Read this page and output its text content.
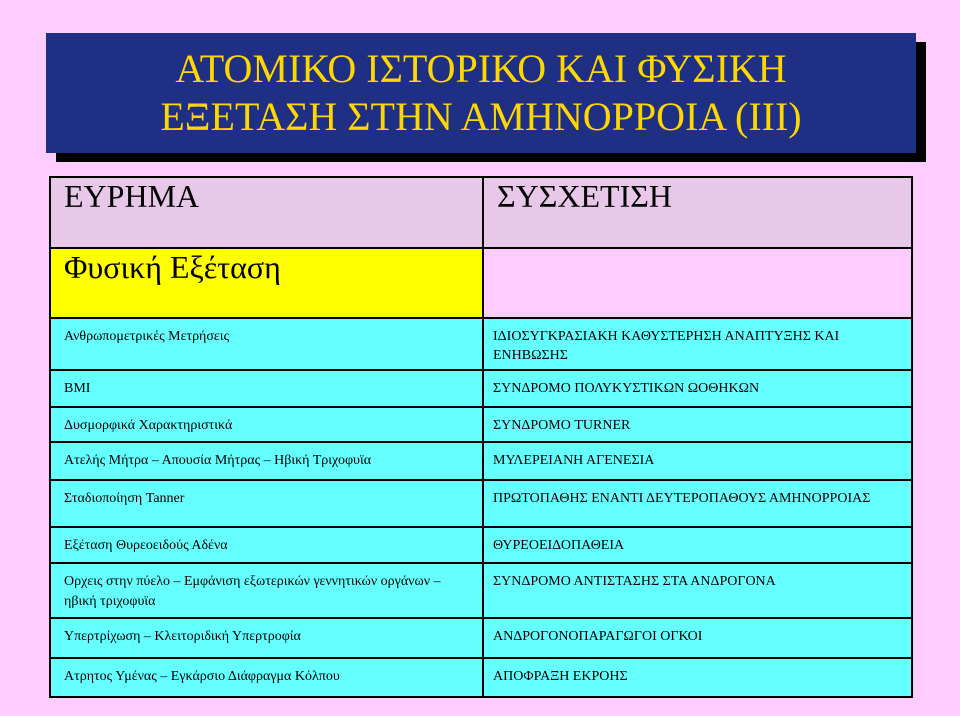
ΑΤΟΜΙΚΟ ΙΣΤΟΡΙΚΟ ΚΑΙ ΦΥΣΙΚΗ
ΕΞΕΤΑΣΗ ΣΤΗΝ ΑΜΗΝΟΡΡΟΙΑ (ΙΙΙ)
ΕΥΡΗΜΑ	ΣΥΣΧΕΤΙΣΗ
Φυσική Εξέταση	
Ανθρωπομετρικές Μετρήσεις	ΙΔΙΟΣΥΓΚΡΑΣΙΑΚΗ ΚΑΘΥΣΤΕΡΗΣΗ ΑΝΑΠΤΥΞΗΣ ΚΑΙ ΕΝΗΒΩΣΗΣ
BMI	ΣΥΝΔΡΟΜΟ ΠΟΛΥΚΥΣΤΙΚΩΝ ΩΟΘΗΚΩΝ
Δυσμορφικά Χαρακτηριστικά	ΣΥΝΔΡΟΜΟ TURNER
Ατελής Μήτρα – Απουσία Μήτρας – Ηβική Τριχοφυϊα	ΜΥΛΕΡΕΙΑΝΗ ΑΓΕΝΕΣΙΑ
Σταδιοποίηση Tanner	ΠΡΩΤΟΠΑΘΗΣ ΕΝΑΝΤΙ ΔΕΥΤΕΡΟΠΑΘΟΥΣ ΑΜΗΝΟΡΡΟΙΑΣ
Εξέταση Θυρεοειδούς Αδένα	ΘΥΡΕΟΕΙΔΟΠΑΘΕΙΑ
Ορχεις στην πύελο – Εμφάνιση εξωτερικών γεννητικών οργάνων – ηβική τριχοφυϊα	ΣΥΝΔΡΟΜΟ ΑΝΤΙΣΤΑΣΗΣ ΣΤΑ ΑΝΔΡΟΓΟΝΑ
Υπερτρίχωση – Κλειτοριδική Υπερτροφία	ΑΝΔΡΟΓΟΝΟΠΑΡΑΓΩΓΟΙ ΟΓΚΟΙ
Ατρητος Υμένας – Εγκάρσιο Διάφραγμα Κόλπου	ΑΠΟΦΡΑΞΗ ΕΚΡΟΗΣ
